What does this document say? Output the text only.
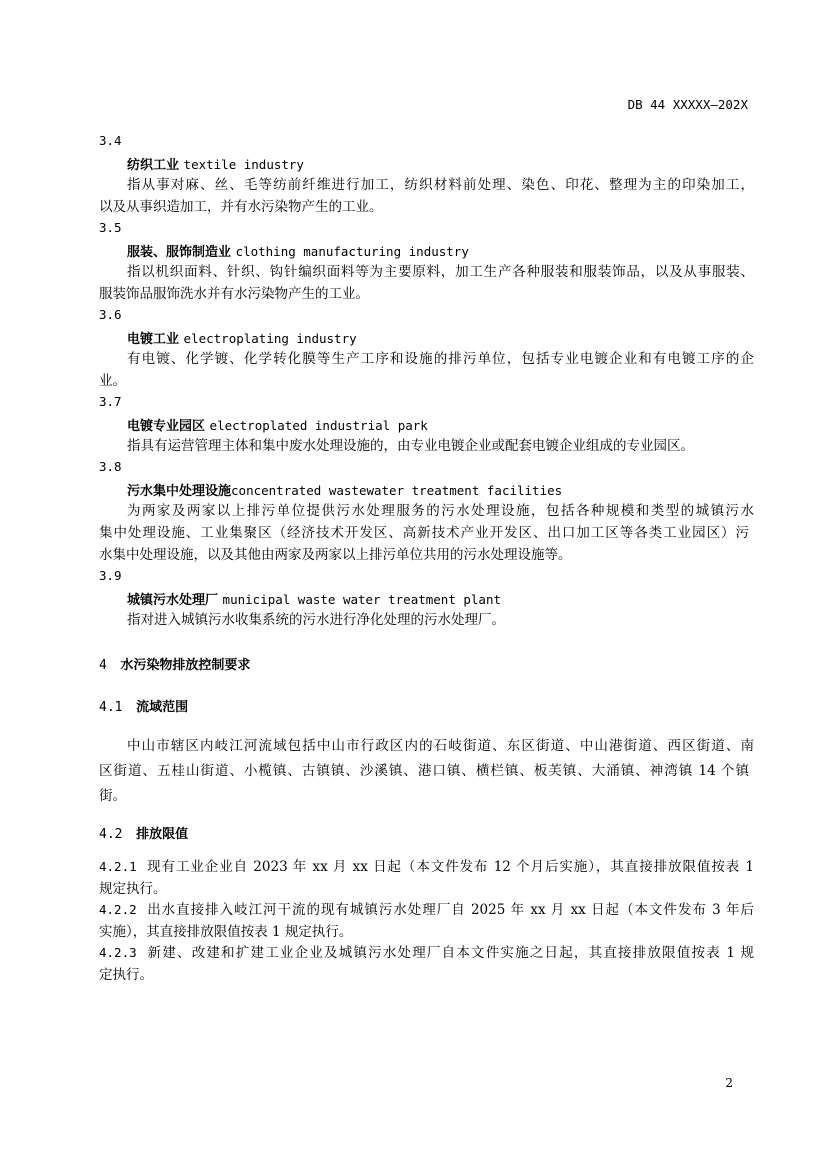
DB 44 XXXXX—202X
3.4
纺织工业 textile industry
指从事对麻、丝、毛等纺前纤维进行加工，纺织材料前处理、染色、印花、整理为主的印染加工，
以及从事织造加工，并有水污染物产生的工业。
3.5
服装、服饰制造业 clothing manufacturing industry
指以机织面料、针织、钩针编织面料等为主要原料，加工生产各种服装和服装饰品，以及从事服装、
服装饰品服饰洗水并有水污染物产生的工业。
3.6
电镀工业 electroplating industry
有电镀、化学镀、化学转化膜等生产工序和设施的排污单位，包括专业电镀企业和有电镀工序的企
业。
3.7
电镀专业园区 electroplated industrial park
指具有运营管理主体和集中废水处理设施的，由专业电镀企业或配套电镀企业组成的专业园区。
3.8
污水集中处理设施concentrated wastewater treatment facilities
为两家及两家以上排污单位提供污水处理服务的污水处理设施，包括各种规模和类型的城镇污水
集中处理设施、工业集聚区（经济技术开发区、高新技术产业开发区、出口加工区等各类工业园区）污
水集中处理设施，以及其他由两家及两家以上排污单位共用的污水处理设施等。
3.9
城镇污水处理厂 municipal waste water treatment plant
指对进入城镇污水收集系统的污水进行净化处理的污水处理厂。
4 水污染物排放控制要求
4.1 流域范围
中山市辖区内岐江河流域包括中山市行政区内的石岐街道、东区街道、中山港街道、西区街道、南
区街道、五桂山街道、小榄镇、古镇镇、沙溪镇、港口镇、横栏镇、板芙镇、大涌镇、神湾镇 14 个镇
街。
4.2 排放限值
4.2.1 现有工业企业自 2023 年 xx 月 xx 日起（本文件发布 12 个月后实施），其直接排放限值按表 1
规定执行。
4.2.2 出水直接排入岐江河干流的现有城镇污水处理厂自 2025 年 xx 月 xx 日起（本文件发布 3 年后
实施），其直接排放限值按表 1 规定执行。
4.2.3 新建、改建和扩建工业企业及城镇污水处理厂自本文件实施之日起，其直接排放限值按表 1 规
定执行。
2
